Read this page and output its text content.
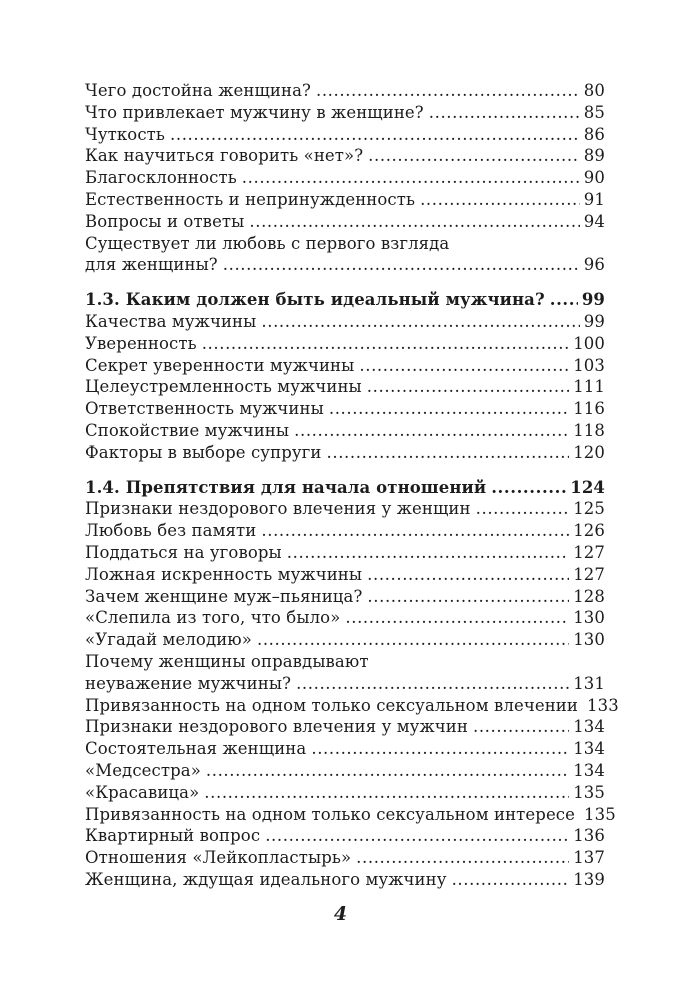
Чего достойна женщина? .....	80
Что привлекает мужчину в женщине? .....	85
Чуткость .....	86
Как научиться говорить «нет»? .....	89
Благосклонность .....	90
Естественность и непринужденность .....	91
Вопросы и ответы .....	94
Существует ли любовь с первого взгляда
для женщины? .....	96
1.3. Каким должен быть идеальный мужчина? ..... 99
Качества мужчины .....	99
Уверенность .....	100
Секрет уверенности мужчины .....	103
Целеустремленность мужчины .....	111
Ответственность мужчины .....	116
Спокойствие мужчины .....	118
Факторы в выборе супруги .....	120
1.4. Препятствия для начала отношений .....	124
Признаки нездорового влечения у женщин .....	125
Любовь без памяти .....	126
Поддаться на уговоры .....	127
Ложная искренность мужчины .....	127
Зачем женщине муж–пьяница? .....	128
«Слепила из того, что было» .....	130
«Угадай мелодию» .....	130
Почему женщины оправдывают
неуважение мужчины? .....	131
Привязанность на одном только сексуальном влечении 133
Признаки нездорового влечения у мужчин .....	134
Состоятельная женщина .....	134
«Медсестра» .....	134
«Красавица» .....	135
Привязанность на одном только сексуальном интересе 135
Квартирный вопрос .....	136
Отношения «Лейкопластырь» .....	137
Женщина, ждущая идеального мужчину .....	139
4
